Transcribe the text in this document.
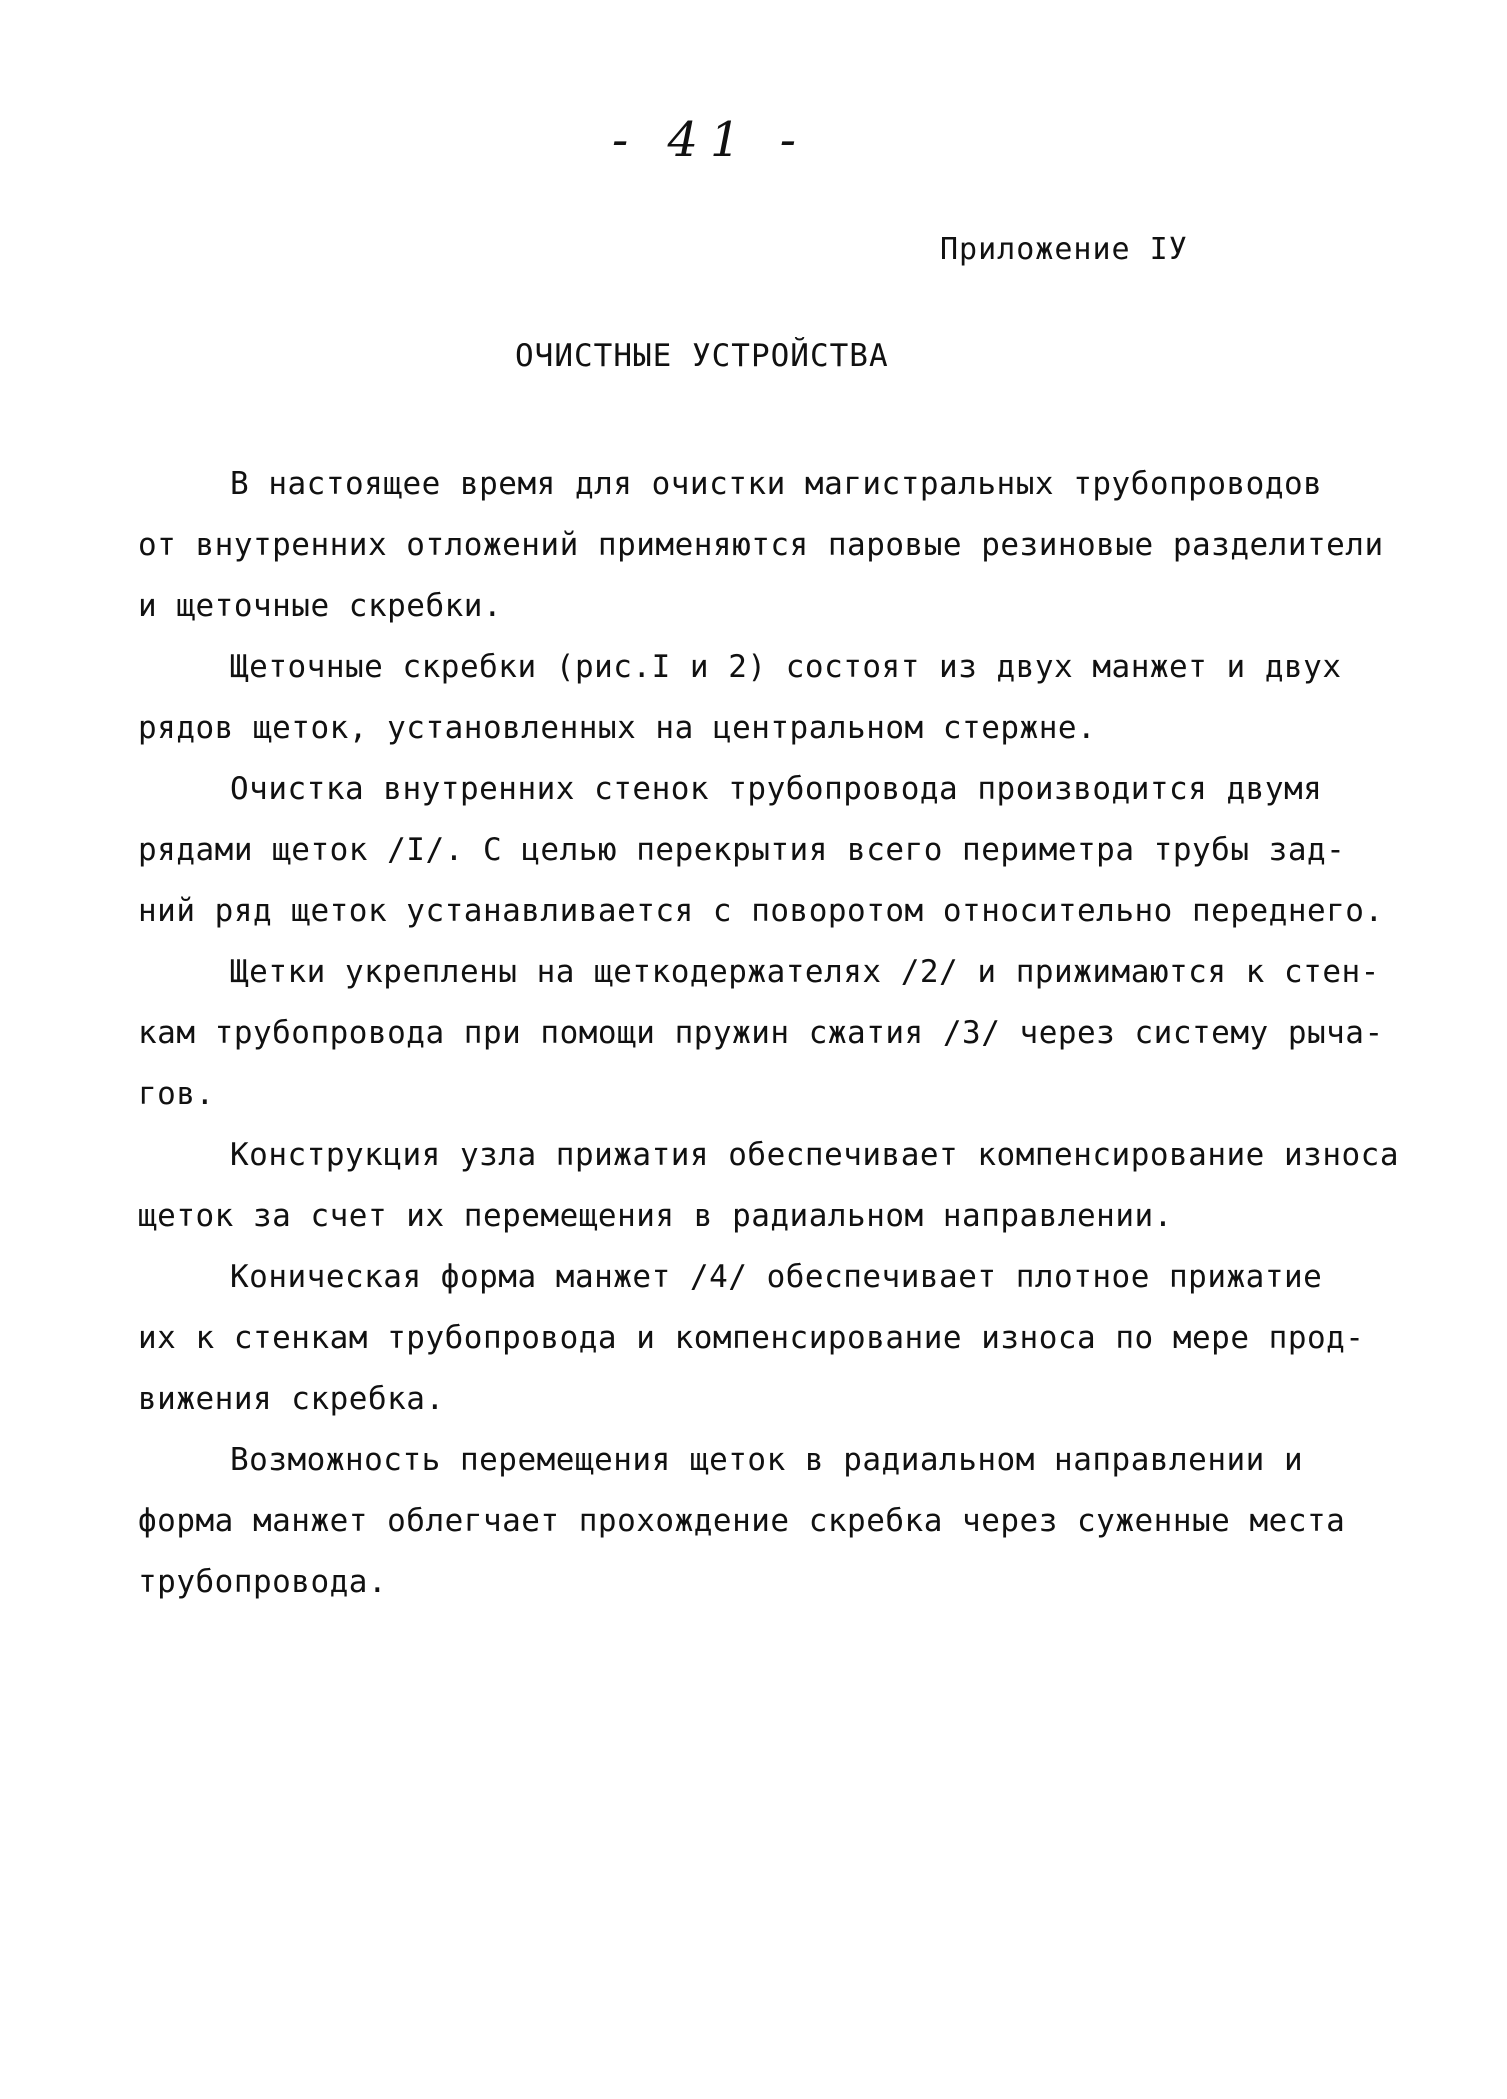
- 41 -
Приложение IУ
ОЧИСТНЫЕ УСТРОЙСТВА
В настоящее время для очистки магистральных трубопроводов
от внутренних отложений применяются паровые резиновые разделители
и щеточные скребки.
Щеточные скребки (рис.I и 2) состоят из двух манжет и двух
рядов щеток, установленных на центральном стержне.
Очистка внутренних стенок трубопровода производится двумя
рядами щеток /I/. С целью перекрытия всего периметра трубы зад-
ний ряд щеток устанавливается с поворотом относительно переднего.
Щетки укреплены на щеткодержателях /2/ и прижимаются к стен-
кам трубопровода при помощи пружин сжатия /3/ через систему рыча-
гов.
Конструкция узла прижатия обеспечивает компенсирование износа
щеток за счет их перемещения в радиальном направлении.
Коническая форма манжет /4/ обеспечивает плотное прижатие
их к стенкам трубопровода и компенсирование износа по мере прод-
вижения скребка.
Возможность перемещения щеток в радиальном направлении и
форма манжет облегчает прохождение скребка через суженные места
трубопровода.
